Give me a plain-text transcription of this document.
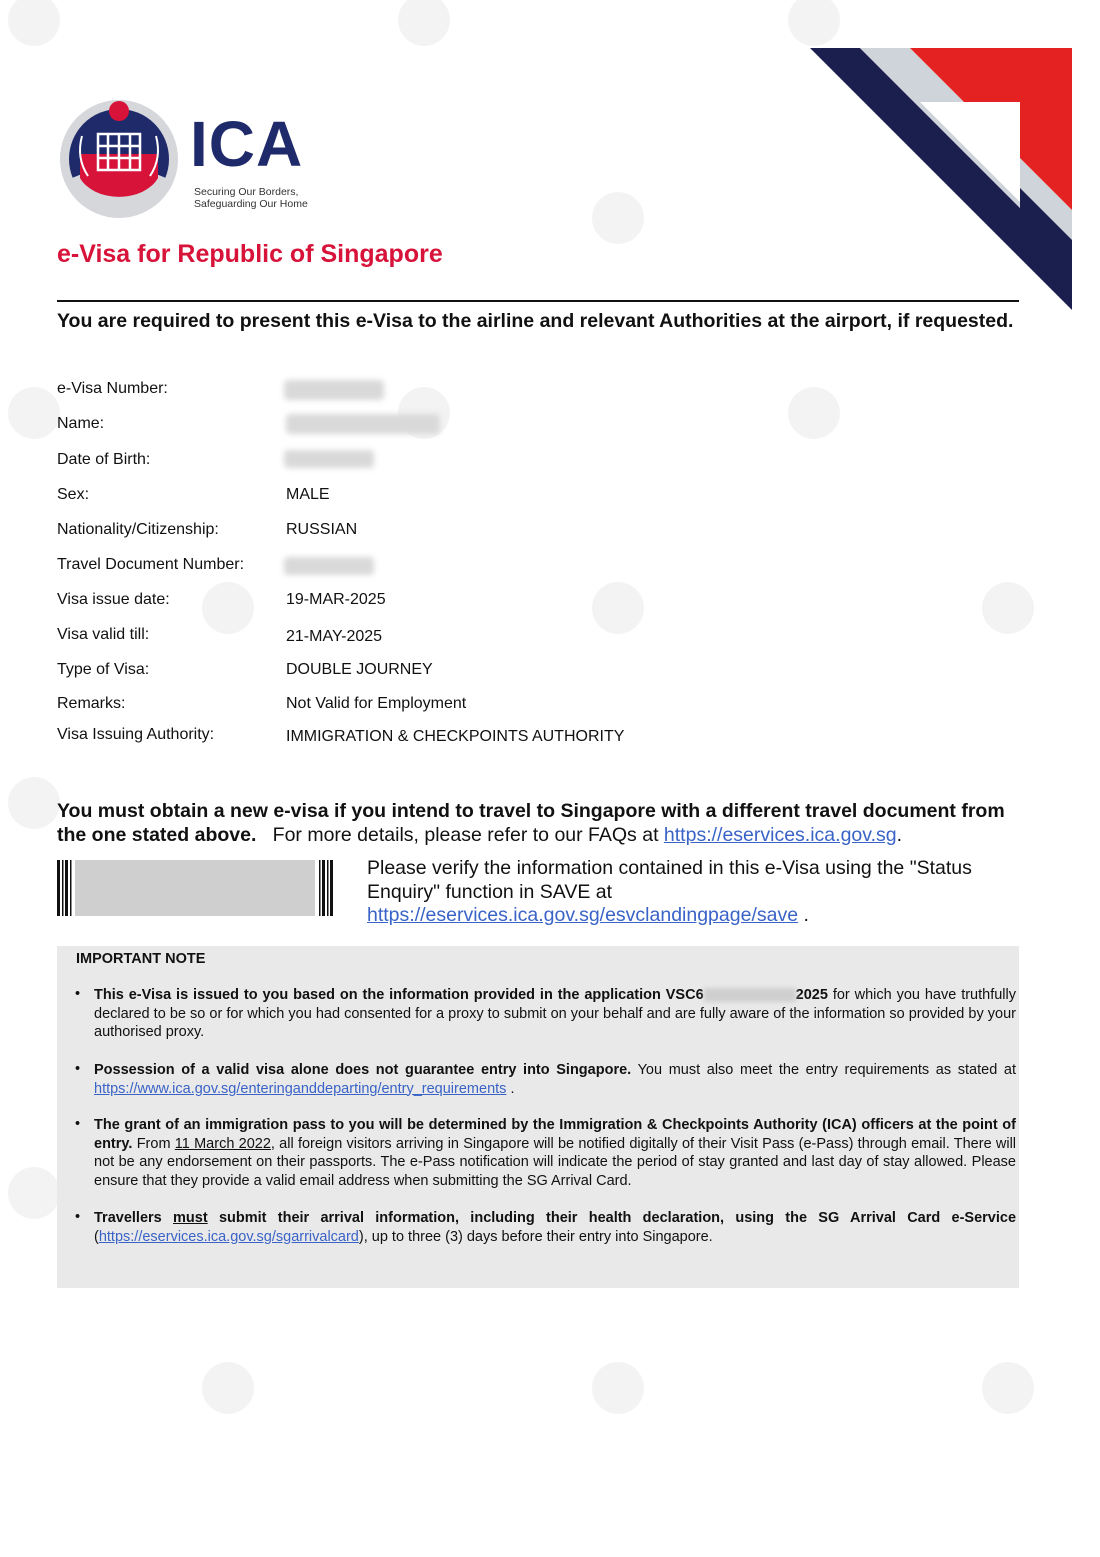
ICA
Securing Our Borders,
Safeguarding Our Home
e-Visa for Republic of Singapore
You are required to present this e-Visa to the airline and relevant Authorities at the airport, if requested.
e-Visa Number:
Name:
Date of Birth:
Sex:	MALE
Nationality/Citizenship:	RUSSIAN
Travel Document Number:
Visa issue date:	19-MAR-2025
Visa valid till:	21-MAY-2025
Type of Visa:	DOUBLE JOURNEY
Remarks:	Not Valid for Employment
Visa Issuing Authority:	IMMIGRATION & CHECKPOINTS AUTHORITY
You must obtain a new e-visa if you intend to travel to Singapore with a different travel document from the one stated above. For more details, please refer to our FAQs at https://eservices.ica.gov.sg.
Please verify the information contained in this e-Visa using the "Status Enquiry" function in SAVE at https://eservices.ica.gov.sg/esvclandingpage/save .
IMPORTANT NOTE
• This e-Visa is issued to you based on the information provided in the application VSC6	2025 for which you have truthfully declared to be so or for which you had consented for a proxy to submit on your behalf and are fully aware of the information so provided by your authorised proxy.
• Possession of a valid visa alone does not guarantee entry into Singapore. You must also meet the entry requirements as stated at https://www.ica.gov.sg/enteringanddeparting/entry_requirements .
• The grant of an immigration pass to you will be determined by the Immigration & Checkpoints Authority (ICA) officers at the point of entry. From 11 March 2022, all foreign visitors arriving in Singapore will be notified digitally of their Visit Pass (e-Pass) through email. There will not be any endorsement on their passports. The e-Pass notification will indicate the period of stay granted and last day of stay allowed. Please ensure that they provide a valid email address when submitting the SG Arrival Card.
• Travellers must submit their arrival information, including their health declaration, using the SG Arrival Card e-Service (https://eservices.ica.gov.sg/sgarrivalcard), up to three (3) days before their entry into Singapore.
